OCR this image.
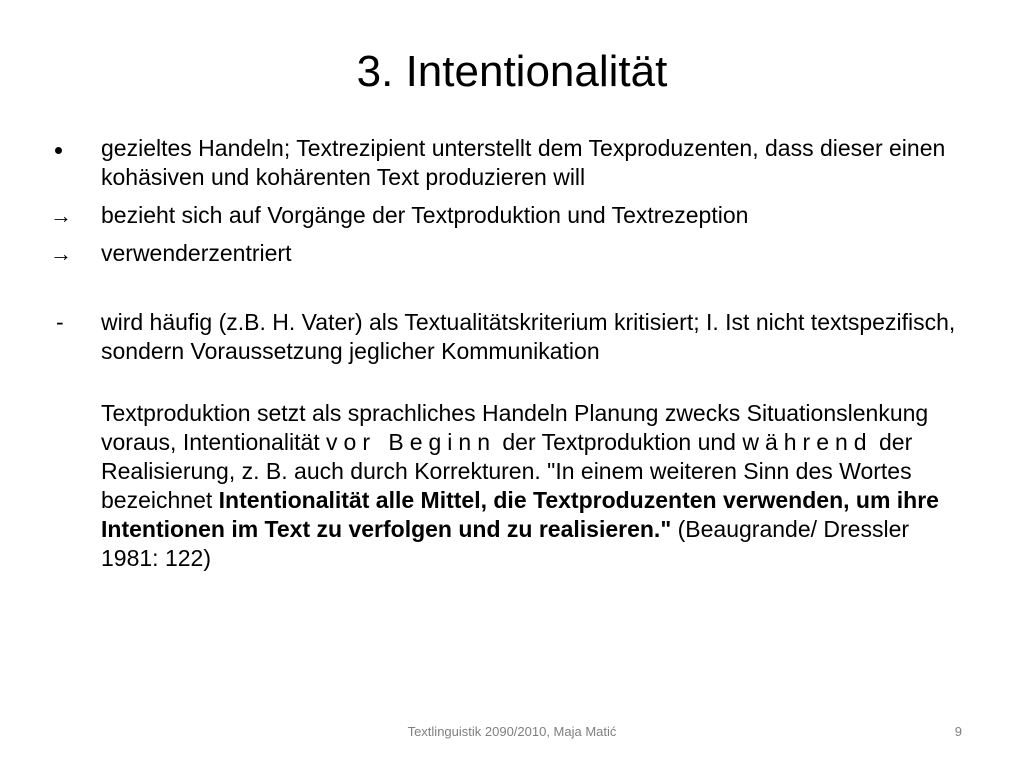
3. Intentionalität
gezieltes Handeln; Textrezipient unterstellt dem Texproduzenten, dass dieser einen kohäsiven und kohärenten Text produzieren will
→ bezieht sich auf Vorgänge der Textproduktion und Textrezeption
→ verwenderzentriert
- wird häufig (z.B. H. Vater) als Textualitätskriterium kritisiert; I. Ist nicht textspezifisch, sondern Voraussetzung jeglicher Kommunikation
Textproduktion setzt als sprachliches Handeln Planung zwecks Situationslenkung voraus, Intentionalität vor Beginn der Textproduktion und während der Realisierung, z. B. auch durch Korrekturen. "In einem weiteren Sinn des Wortes bezeichnet Intentionalität alle Mittel, die Textproduzenten verwenden, um ihre Intentionen im Text zu verfolgen und zu realisieren." (Beaugrande/ Dressler 1981: 122)
Textlinguistik 2090/2010, Maja Matić	9
